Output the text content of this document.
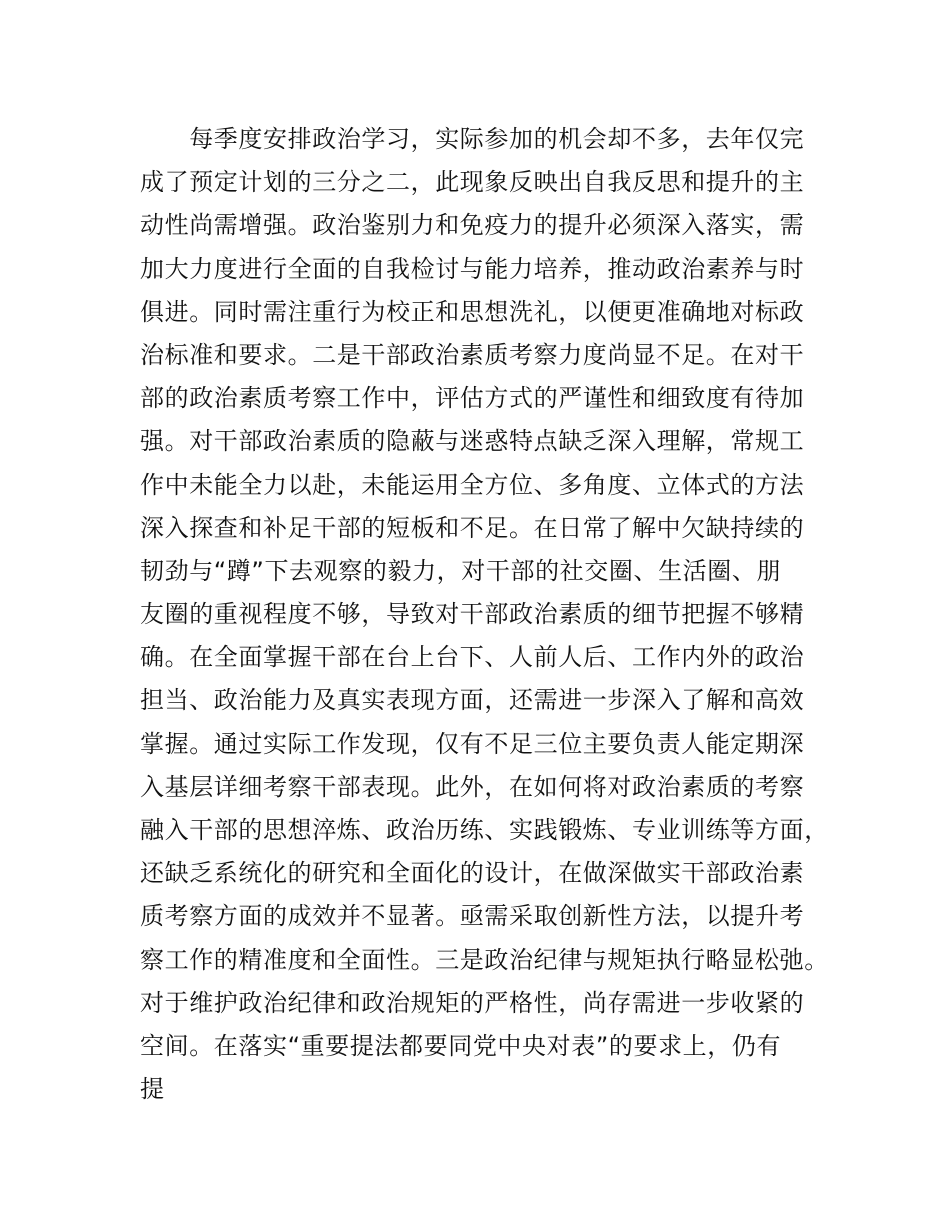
　　每季度安排政治学习，实际参加的机会却不多，去年仅完
成了预定计划的三分之二，此现象反映出自我反思和提升的主
动性尚需增强。政治鉴别力和免疫力的提升必须深入落实，需
加大力度进行全面的自我检讨与能力培养，推动政治素养与时
俱进。同时需注重行为校正和思想洗礼，以便更准确地对标政
治标准和要求。二是干部政治素质考察力度尚显不足。在对干
部的政治素质考察工作中，评估方式的严谨性和细致度有待加
强。对干部政治素质的隐蔽与迷惑特点缺乏深入理解，常规工
作中未能全力以赴，未能运用全方位、多角度、立体式的方法
深入探查和补足干部的短板和不足。在日常了解中欠缺持续的
韧劲与“蹲”下去观察的毅力，对干部的社交圈、生活圈、朋
友圈的重视程度不够，导致对干部政治素质的细节把握不够精
确。在全面掌握干部在台上台下、人前人后、工作内外的政治
担当、政治能力及真实表现方面，还需进一步深入了解和高效
掌握。通过实际工作发现，仅有不足三位主要负责人能定期深
入基层详细考察干部表现。此外，在如何将对政治素质的考察
融入干部的思想淬炼、政治历练、实践锻炼、专业训练等方面，
还缺乏系统化的研究和全面化的设计，在做深做实干部政治素
质考察方面的成效并不显著。亟需采取创新性方法，以提升考
察工作的精准度和全面性。三是政治纪律与规矩执行略显松弛。
对于维护政治纪律和政治规矩的严格性，尚存需进一步收紧的
空间。在落实“重要提法都要同党中央对表”的要求上，仍有
提
